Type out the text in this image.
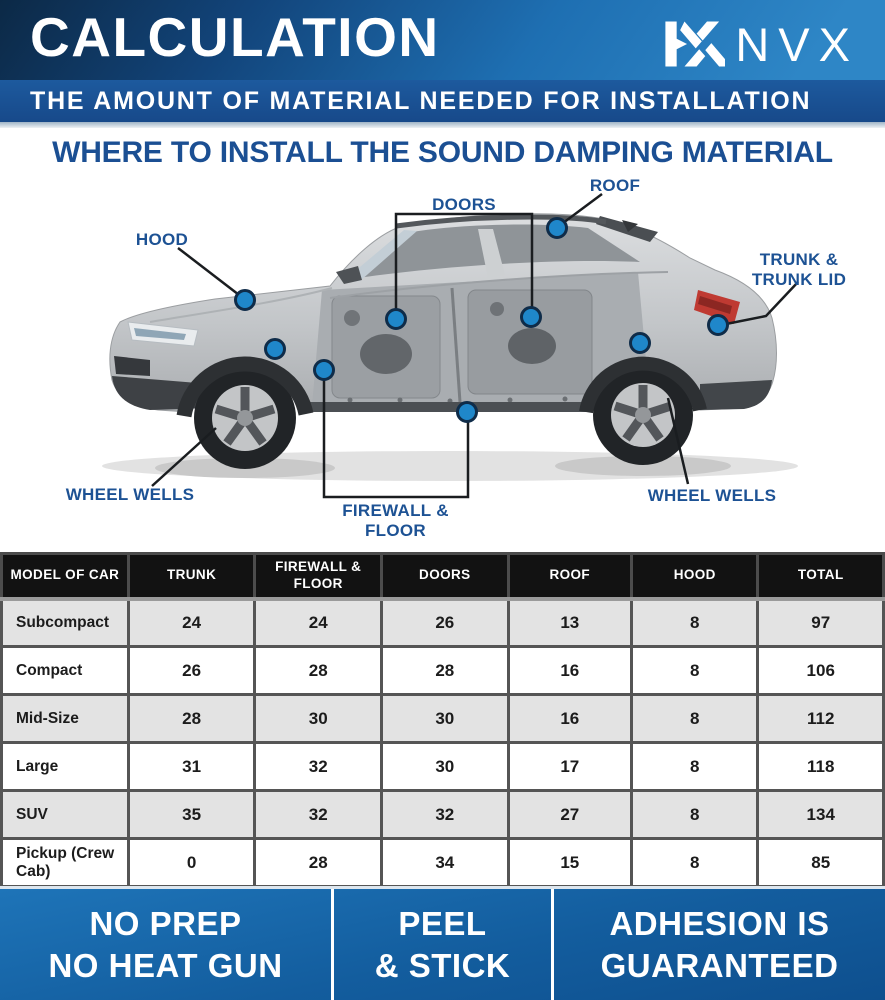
CALCULATION	NVX
THE AMOUNT OF MATERIAL NEEDED FOR INSTALLATION
WHERE TO INSTALL THE SOUND DAMPING MATERIAL
HOOD
DOORS
ROOF
TRUNK &
TRUNK LID
WHEEL WELLS
FIREWALL &
FLOOR
WHEEL WELLS
MODEL OF CAR	TRUNK	FIREWALL & FLOOR	DOORS	ROOF	HOOD	TOTAL
Subcompact	24	24	26	13	8	97
Compact	26	28	28	16	8	106
Mid-Size	28	30	30	16	8	112
Large	31	32	30	17	8	118
SUV	35	32	32	27	8	134
Pickup (Crew Cab)	0	28	34	15	8	85
NO PREP
NO HEAT GUN
PEEL
& STICK
ADHESION IS
GUARANTEED
